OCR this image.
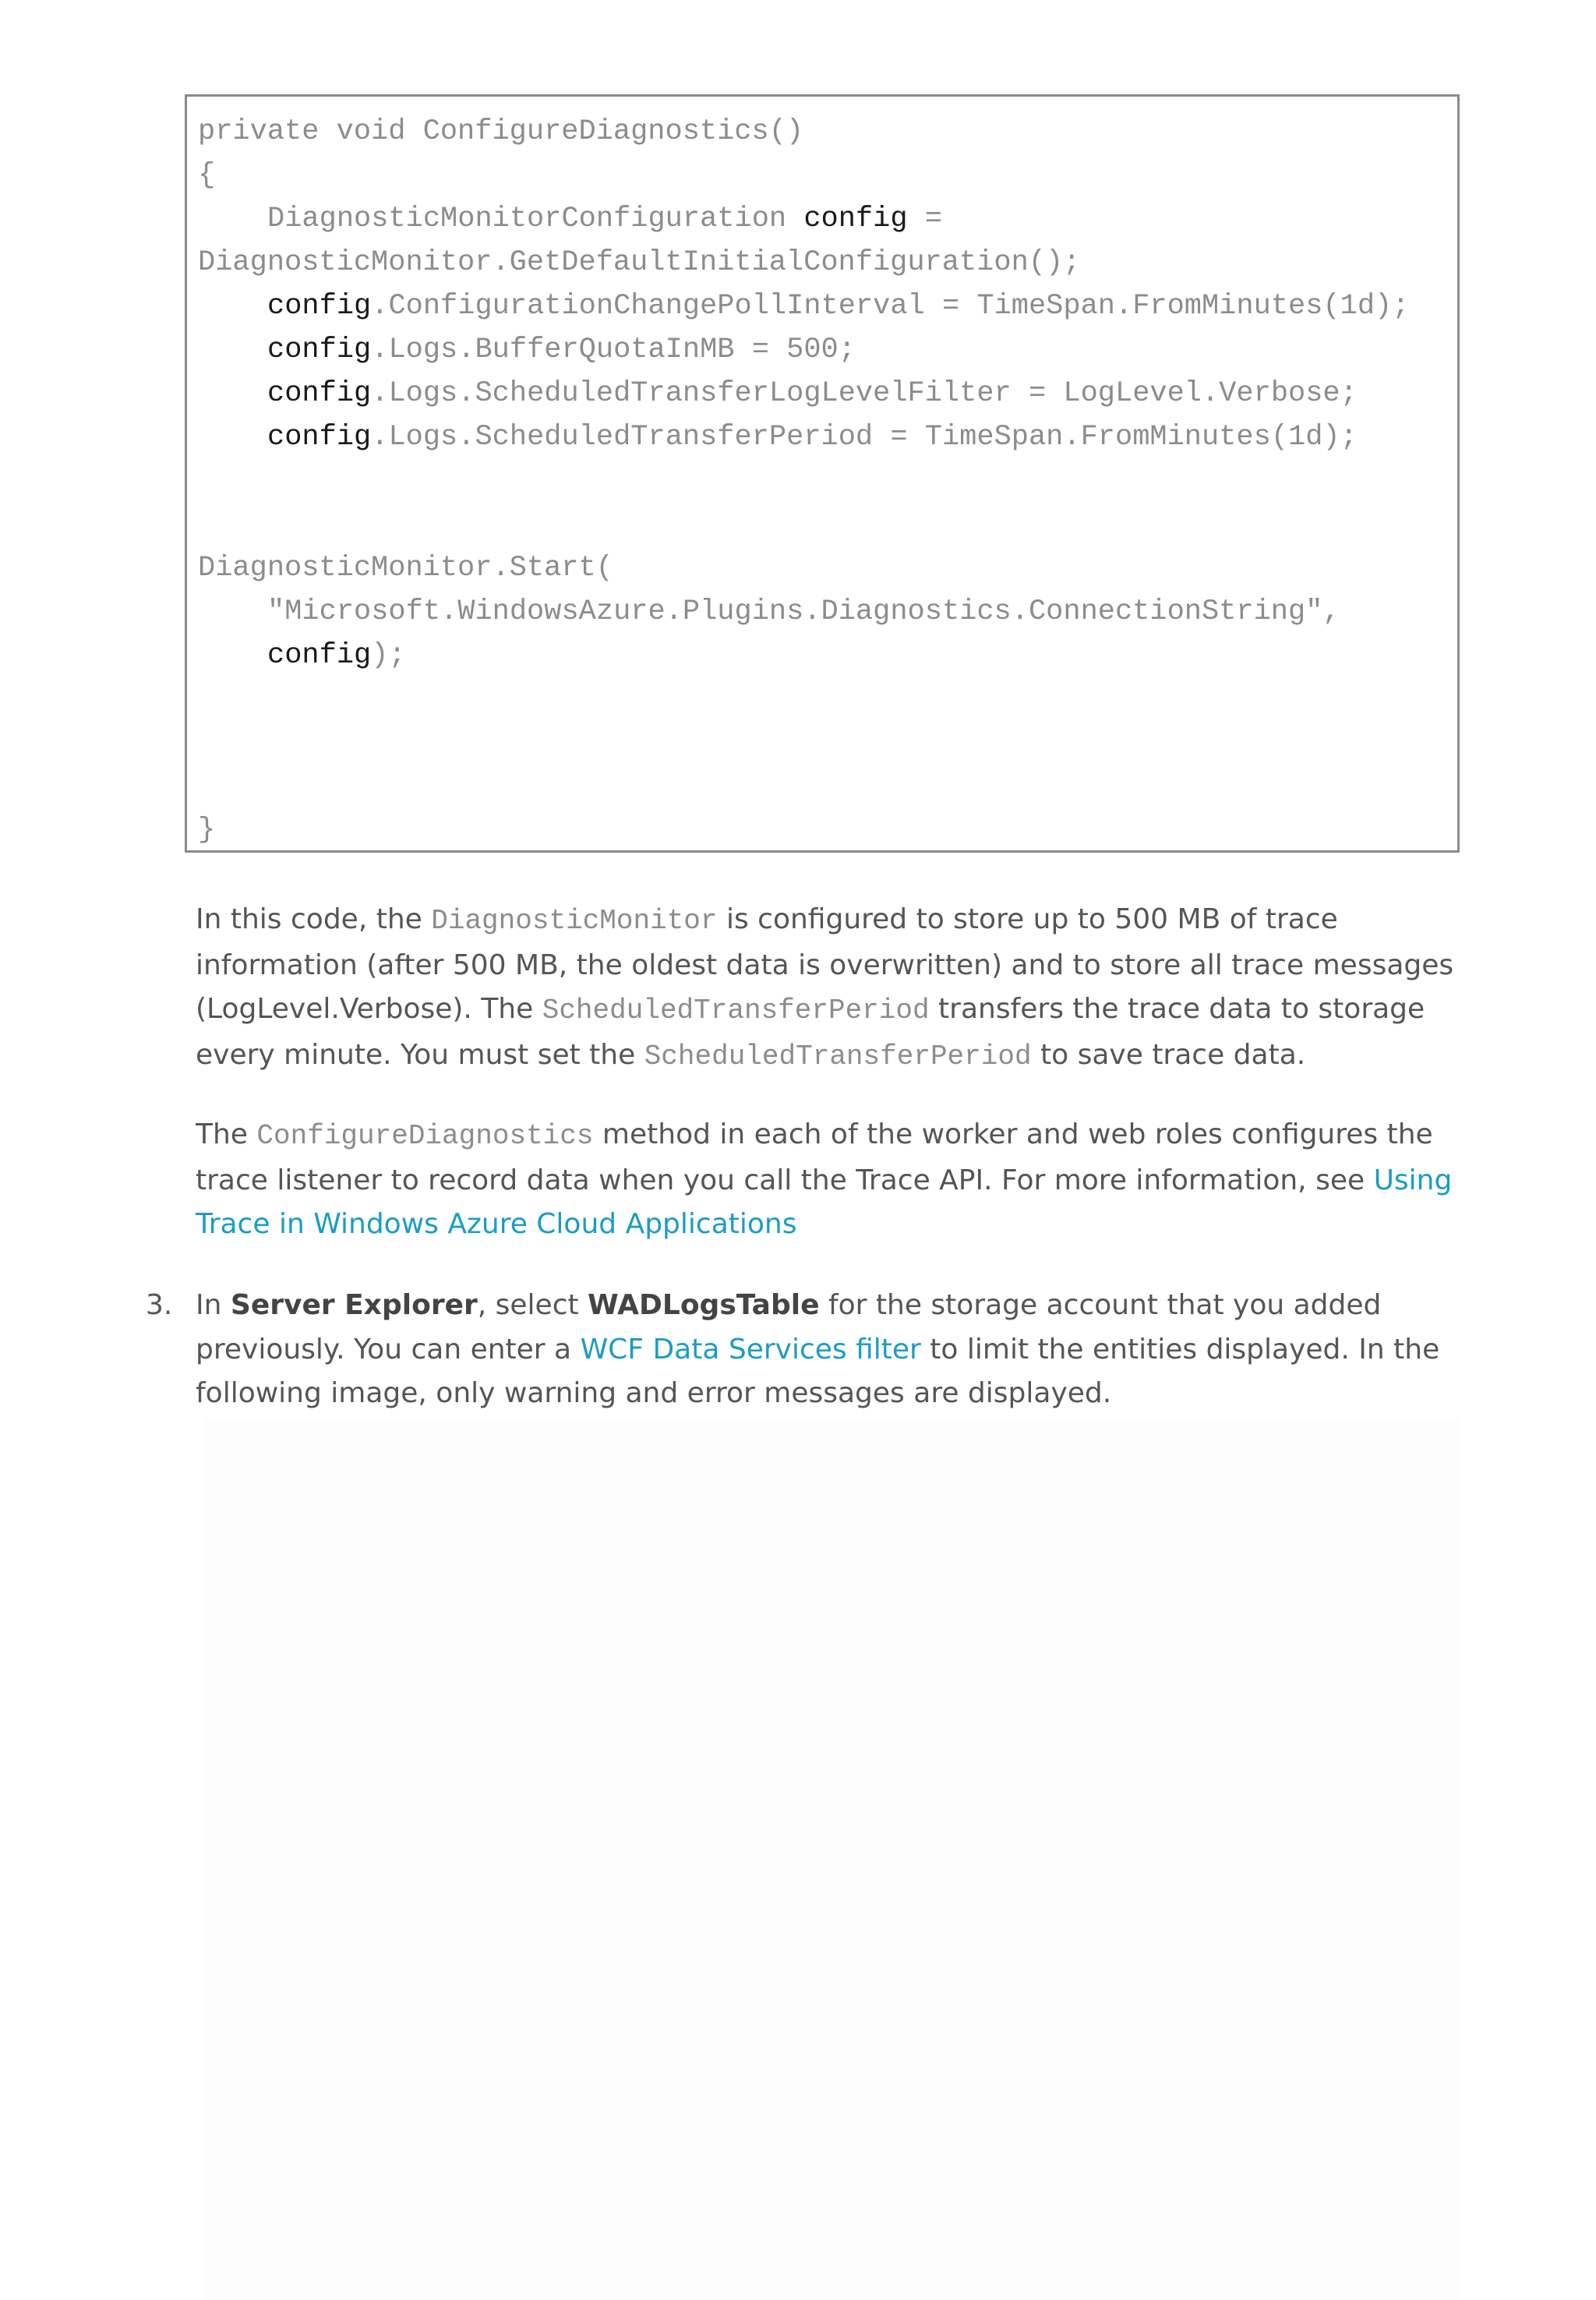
private void ConfigureDiagnostics()
{
DiagnosticMonitorConfiguration config =
DiagnosticMonitor.GetDefaultInitialConfiguration();
config.ConfigurationChangePollInterval = TimeSpan.FromMinutes(1d);
config.Logs.BufferQuotaInMB = 500;
config.Logs.ScheduledTransferLogLevelFilter = LogLevel.Verbose;
config.Logs.ScheduledTransferPeriod = TimeSpan.FromMinutes(1d);
DiagnosticMonitor.Start(
"Microsoft.WindowsAzure.Plugins.Diagnostics.ConnectionString",
config);
}
In this code, the DiagnosticMonitor is configured to store up to 500 MB of trace information (after 500 MB, the oldest data is overwritten) and to store all trace messages (LogLevel.Verbose). The ScheduledTransferPeriod transfers the trace data to storage every minute. You must set the ScheduledTransferPeriod to save trace data.
The ConfigureDiagnostics method in each of the worker and web roles configures the trace listener to record data when you call the Trace API. For more information, see Using Trace in Windows Azure Cloud Applications
3. In Server Explorer, select WADLogsTable for the storage account that you added previously. You can enter a WCF Data Services filter to limit the entities displayed. In the following image, only warning and error messages are displayed.
